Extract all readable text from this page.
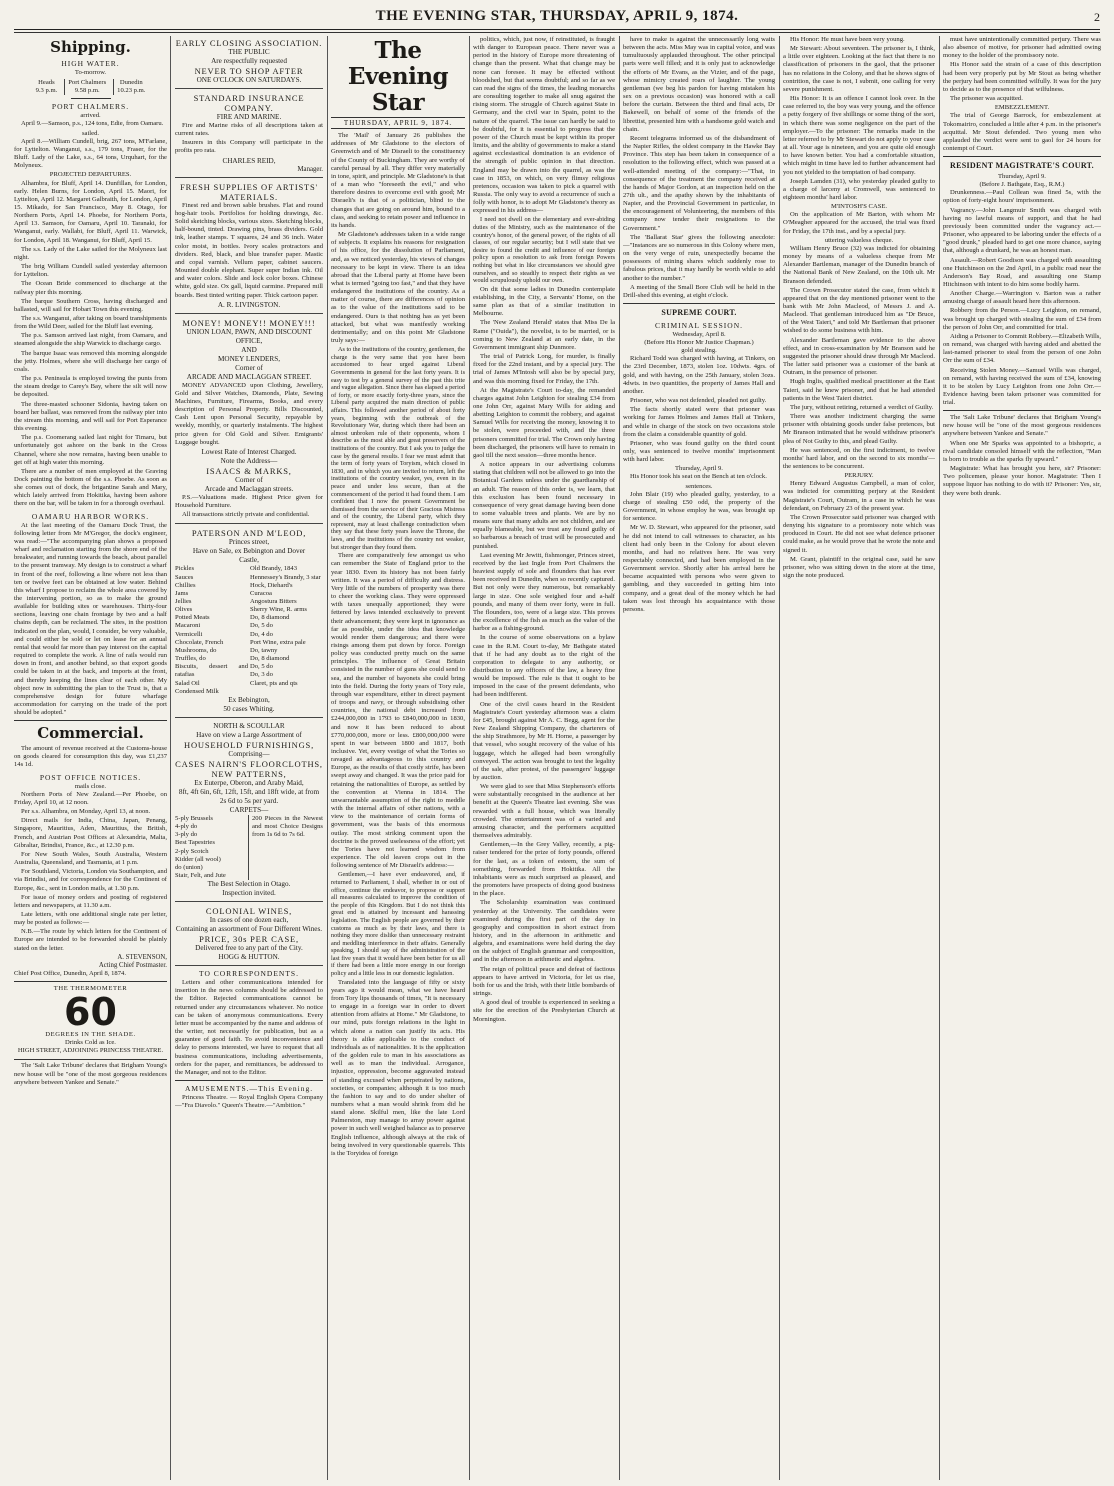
THE EVENING STAR, THURSDAY, APRIL 9, 1874.	2
Shipping.
HIGH WATER.
To-morrow.
Heads
9.3 p.m.
Port Chalmers
9.58 p.m.
Dunedin
10.23 p.m.
PORT CHALMERS.
arrived.
April 9.—Samson, p.s., 124 tons, Edie, from Oamaru.
sailed.
April 8.—William Cundell, brig, 267 tons, M'Farlane, for Lyttelton. Wanganui, s.s., 179 tons, Fraser, for the Bluff. Lady of the Lake, s.s., 64 tons, Urquhart, for the Molyneux.
PROJECTED DEPARTURES.
Alhambra, for Bluff, April 14. Dunfillan, for London, early. Helen Burns, for London, April 15. Maori, for Lyttelton, April 12. Margaret Galbraith, for London, April 15. Mikado, for San Francisco, May 8. Otago, for Northern Ports, April 14. Phoebe, for Northern Ports, April 13. Samson, for Oamaru, April 10. Taranaki, for Wanganui, early. Wallabi, for Bluff, April 11. Warwick, for London, April 18. Wanganui, for Bluff, April 15.
The s.s. Lady of the Lake sailed for the Molyneux last night.
The brig William Cundell sailed yesterday afternoon for Lyttelton.
The Ocean Bride commenced to discharge at the railway pier this morning.
The barque Southern Cross, having discharged and ballasted, will sail for Hobart Town this evening.
The s.s. Wanganui, after taking on board transhipments from the Wild Deer, sailed for the Bluff last evening.
The p.s. Samson arrived last night, from Oamaru, and steamed alongside the ship Warwick to discharge cargo.
The barque Isaac was removed this morning alongside the jetty. Holmes, where she will discharge her cargo of coals.
The p.s. Peninsula is employed towing the punts from the steam dredge to Carey's Bay, where the silt will now be deposited.
The three-masted schooner Sidonia, having taken on board her ballast, was removed from the railway pier into the stream this morning, and will sail for Port Esperance this evening.
The p.s. Coomerang sailed last night for Timaru, but unfortunately got ashore on the bank in the Cross Channel, where she now remains, having been unable to get off at high water this morning.
There are a number of men employed at the Graving Dock painting the bottom of the s.s. Phoebe. As soon as she comes out of dock, the brigantine Sarah and Mary, which lately arrived from Hokitika, having been ashore there on the bar, will be taken in for a thorough overhaul.
OAMARU HARBOR WORKS.
At the last meeting of the Oamaru Dock Trust, the following letter from Mr M'Gregor, the dock's engineer, was read:—"The accompanying plan shows a proposed wharf and reclamation starting from the shore end of the breakwater, and running towards the beach, about parallel to the present tramway. My design is to construct a wharf in front of the reef, following a line where not less than ten or twelve feet can be obtained at low water. Behind this wharf I propose to reclaim the whole area covered by the intervening portion, so as to make the ground available for building sites or warehouses. Thirty-four sections, leaving one chain frontage by two and a half chains depth, can be reclaimed. The sites, in the position indicated on the plan, would, I consider, be very valuable, and could either be sold or let on lease for an annual rental that would far more than pay interest on the capital required to complete the work. A line of rails would run down in front, and another behind, so that export goods could be taken in at the back, and imports at the front, and thereby keeping the lines clear of each other. My object now in submitting the plan to the Trust is, that a comprehensive design for future wharfage accommodation for carrying on the trade of the port should be adopted."
Commercial.
The amount of revenue received at the Customs-house on goods cleared for consumption this day, was £1,237 14s 1d.
POST OFFICE NOTICES.
mails close.
Northern Ports of New Zealand.—Per Phoebe, on Friday, April 10, at 12 noon.
Per s.s. Alhambra, on Monday, April 13, at noon.
Direct mails for India, China, Japan, Penang, Singapore, Mauritius, Aden, Mauritius, the British, French, and Austrian Post Offices at Alexandria, Malta, Gibraltar, Brindisi, France, &c., at 12.30 p.m.
For New South Wales, South Australia, Western Australia, Queensland, and Tasmania, at 1 p.m.
For Southland, Victoria, London via Southampton, and via Brindisi, and for correspondence for the Continent of Europe, &c., sent in London mails, at 1.30 p.m.
For issue of money orders and posting of registered letters and newspapers, at 11.30 a.m.
Late letters, with one additional single rate per letter, may be posted as follows:—
N.B.—The route by which letters for the Continent of Europe are intended to be forwarded should be plainly stated on the letter.
A. STEVENSON,
Acting Chief Postmaster.
Chief Post Office, Dunedin, April 8, 1874.
THE THERMOMETER
60
DEGREES IN THE SHADE.
Drinks Cold as Ice.
HIGH STREET, ADJOINING PRINCESS THEATRE.
The 'Salt Lake Tribune' declares that Brigham Young's new house will be "one of the most gorgeous residences anywhere between Yankee and Senate."
EARLY CLOSING ASSOCIATION.
THE PUBLIC
Are respectfully requested
NEVER TO SHOP AFTER
ONE O'CLOCK ON SATURDAYS.
STANDARD INSURANCE COMPANY.
FIRE AND MARINE.
Fire and Marine risks of all descriptions taken at current rates.
Insurers in this Company will participate in the profits pro rata.
CHARLES REID,
Manager.
FRESH SUPPLIES OF ARTISTS' MATERIALS.
Finest red and brown sable brushes. Flat and round hog-hair tools. Portfolios for holding drawings, &c. Solid sketching blocks, various sizes. Sketching blocks, half-bound, tinted. Drawing pins, brass dividers. Gold ink, leather stamps. T squares, 24 and 36 inch. Water color moist, in bottles. Ivory scales protractors and dividers. Red, black, and blue transfer paper. Mastic and copal varnish. Vellum paper, cabinet saucers. Mounted double elephant. Super super Indian ink. Oil and water colors. Slide and lock color boxes. Chinese white, gold size. Ox gall, liquid carmine. Prepared mill boards. Best tinted writing paper. Thick cartoon paper.
A. R. LIVINGSTON.
MONEY! MONEY!! MONEY!!!
UNION LOAN, PAWN, AND DISCOUNT OFFICE,
AND
MONEY LENDERS,
Corner of
ARCADE AND MACLAGGAN STREET.
MONEY ADVANCED upon Clothing, Jewellery, Gold and Silver Watches, Diamonds, Plate, Sewing Machines, Furniture, Firearms, Books, and every description of Personal Property. Bills Discounted, Cash Lent upon Personal Security, repayable by weekly, monthly, or quarterly instalments. The highest price given for Old Gold and Silver. Emigrants' Luggage bought.
Lowest Rate of Interest Charged.
Note the Address—
ISAACS & MARKS,
Corner of
Arcade and Maclaggan streets.
P.S.—Valuations made. Highest Price given for Household Furniture.
All transactions strictly private and confidential.
PATERSON AND M'LEOD,
Princes street,
Have on Sale, ex Bebington and Dover
Castle,
Pickles
Sauces
Chillies
Jams
Jellies
Olives
Potted Meats
Macaroni
Vermicelli
Chocolate, French
Mushrooms, do
Truffles, do
Biscuits, dessert and ratafias
Salad Oil
Condensed Milk
Old Brandy, 1843
Hennessey's Brandy, 3 star
Hock, Diehard's
Curacoa
Angostura Bitters
Sherry Wine, R. arms
Do, 8 diamond
Do, 5 do
Do, 4 do
Port Wine, extra pale
Do, tawny
Do, 8 diamond
Do, 5 do
Do, 3 do
Claret, pts and qts
Ex Bebington,
50 cases Whiting.
NORTH & SCOULLAR
Have on view a Large Assortment of
HOUSEHOLD FURNISHINGS,
Comprising—
CASES NAIRN'S FLOORCLOTHS, NEW PATTERNS,
Ex Euterpe, Oberon, and Araby Maid,
8ft, 4ft 6in, 6ft, 12ft, 15ft, and 18ft wide, at from 2s 6d to 5s per yard.
CARPETS—
5-ply Brussels
4-ply do
3-ply do
Best Tapestries
2-ply Scotch
Kidder (all wool)
do (union)
Stair, Felt, and Jute
200 Pieces in the Newest and most Choice Designs from 1s 6d to 7s 6d.
The Best Selection in Otago.
Inspection invited.
COLONIAL WINES,
In cases of one dozen each,
Containing an assortment of Four Different Wines.
PRICE, 30s PER CASE,
Delivered free to any part of the City.
HOGG & HUTTON.
TO CORRESPONDENTS.
Letters and other communications intended for insertion in the news columns should be addressed to the Editor. Rejected communications cannot be returned under any circumstances whatever. No notice can be taken of anonymous communications. Every letter must be accompanied by the name and address of the writer, not necessarily for publication, but as a guarantee of good faith. To avoid inconvenience and delay to persons interested, we have to request that all business communications, including advertisements, orders for the paper, and remittances, be addressed to the Manager, and not to the Editor.
AMUSEMENTS.—This Evening.
Princess Theatre. — Royal English Opera Company—"Fra Diavolo." Queen's Theatre.—"Ambition."
The Evening Star
THURSDAY, APRIL 9, 1874.
The 'Mail' of January 26 publishes the addresses of Mr Gladstone to the electors of Greenwich and of Mr Disraeli to the constituency of the County of Buckingham. They are worthy of careful perusal by all. They differ very materially in tone, spirit, and principle. Mr Gladstone's is that of a man who "foreseeth the evil," and who therefore desires to overcome evil with good; Mr Disraeli's is that of a politician, blind to the changes that are going on around him, bound to a class, and seeking to retain power and influence in its hands.
Mr Gladstone's addresses taken in a wide range of subjects. It explains his reasons for resignation of his office, for the dissolution of Parliament, and, as we noticed yesterday, his views of changes necessary to be kept in view. There is an idea abroad that the Liberal party at Home have been what is termed "going too fast," and that they have endangered the institutions of the country. As a matter of course, there are differences of opinion as to the value of the institutions said to be endangered. Ours is that nothing has as yet been attacked, but what was manifestly working detrimentally; and on this point Mr Gladstone truly says:—
As to the institutions of the country, gentlemen, the charge is the very same that you have been accustomed to hear urged against Liberal Governments in general for the last forty years. It is easy to test by a general survey of the past this trite and vague allegation. Since there has elapsed a period of forty, or more exactly forty-three years, since the Liberal party acquired the main direction of public affairs. This followed another period of about forty years, beginning with the outbreak of the Revolutionary War, during which there had been an almost unbroken rule of their opponents, whom I describe as the most able and great preservers of the institutions of the country. But I ask you to judge the case by the general results. I fear we must admit that the term of forty years of Toryism, which closed in 1830, and in which you are invited to return, left the institutions of the country weaker, yes, even in its peace and under less secure, than at the commencement of the period it had found them. I am confident that I now the present Government be dismissed from the service of their Gracious Mistress and of the country, the Liberal party, which they represent, may at least challenge contradiction when they say that these forty years leave the Throne, the laws, and the institutions of the country not weaker, but stronger than they found them.
There are comparatively few amongst us who can remember the State of England prior to the year 1830. Even its history has not been fairly written. It was a period of difficulty and distress. Very little of the numbers of prosperity was there to cheer the working class. They were oppressed with taxes unequally apportioned; they were fettered by laws intended exclusively to prevent their advancement; they were kept in ignorance as far as possible, under the idea that knowledge would render them dangerous; and there were risings among them put down by force. Foreign policy was conducted pretty much on the same principles. The influence of Great Britain consisted in the number of guns she could send to sea, and the number of bayonets she could bring into the field. During the forty years of Tory rule, through war expenditure, either in direct payment of troops and navy, or through subsidising other countries, the national debt increased from £244,000,000 in 1793 to £840,000,000 in 1830, and now it has been reduced to about £770,000,000, more or less. £800,000,000 were spent in war between 1800 and 1817, both inclusive. Yet, every vestige of what the Tories so ravaged as advantageous to this country and Europe, as the results of that costly strife, has been swept away and changed. It was the price paid for retaining the nationalities of Europe, as settled by the convention at Vienna in 1814. The unwarrantable assumption of the right to meddle with the internal affairs of other nations, with a view to the maintenance of certain forms of government, was the basis of this enormous outlay. The most striking comment upon the doctrine is the proved uselessness of the effort; yet the Tories have not learned wisdom from experience. The old leaven crops out in the following sentence of Mr Disraeli's address:—
Gentlemen,—I have ever endeavored, and, if returned to Parliament, I shall, whether in or out of office, continue the endeavor, to propose or support all measures calculated to improve the condition of the people of this Kingdom. But I do not think this great end is attained by incessant and harassing legislation. The English people are governed by their customs as much as by their laws, and there is nothing they more dislike than unnecessary restraint and meddling interference in their affairs. Generally speaking, I should say of the administration of the last five years that it would have been better for us all if there had been a little more energy in our foreign policy and a little less in our domestic legislation.
Translated into the language of fifty or sixty years ago it would mean, what we have heard from Tory lips thousands of times, "It is necessary to engage in a foreign war in order to divert attention from affairs at Home." Mr Gladstone, to our mind, puts foreign relations in the light in which alone a nation can justify its acts. His theory is alike applicable to the conduct of individuals as of nationalities. It is the application of the golden rule to man in his associations as well as to man the individual. Arrogance, injustice, oppression, become aggravated instead of standing excused when perpetrated by nations, societies, or companies; although it is too much the fashion to say and to do under shelter of numbers what a man would shrink from did he stand alone. Skilful men, like the late Lord Palmerston, may manage to array power against power in such well weighed balance as to preserve English influence, although always at the risk of being involved in very questionable quarrels. This is the Toryidea of foreign
politics, which, just now, if reinstituted, is fraught with danger to European peace. There never was a period in the history of Europe more threatening of change than the present. What that change may be none can foresee. It may be effected without bloodshed, but that seems doubtful; and so far as we can read the signs of the times, the leading monarchs are consulting together to make all snug against the rising storm. The struggle of Church against State in Germany, and the civil war in Spain, point to the nature of the quarrel. The issue can hardly be said to be doubtful, for it is essential to progress that the power of the Church must be kept within its proper limits, and the ability of governments to make a stand against ecclesiastical domination is an evidence of the strength of public opinion in that direction. England may be drawn into the quarrel, as was the case in 1853, on which, on very flimsy religious pretences, occasion was taken to pick a quarrel with Russia. The only way to avoid a recurrence of such a folly with honor, is to adopt Mr Gladstone's theory as expressed in his address—
I need not dwell on the elementary and ever-abiding duties of the Ministry, such as the maintenance of the country's honor, of the general power, of the rights of all classes, of our regular security; but I will state that we desire to found the credit and influence of our foreign policy upon a resolution to ask from foreign Powers nothing but what in like circumstances we should give ourselves, and so steadily to respect their rights as we would scrupulously uphold our own.
On dit that some ladies in Dunedin contemplate establishing, in the City, a Servants' Home, on the same plan as that of a similar institution in Melbourne.
The 'New Zealand Herald' states that Miss De la Rame ("Ouida"), the novelist, is to be married, or is coming to New Zealand at an early date, in the Government immigrant ship Dunmore.
The trial of Patrick Long, for murder, is finally fixed for the 22nd instant, and by a special jury. The trial of James M'Intosh will also be by special jury, and was this morning fixed for Friday, the 17th.
At the Magistrate's Court to-day, the remanded charges against John Leighton for stealing £34 from one John Orr, against Mary Wills for aiding and abetting Leighton to commit the robbery, and against Samuel Wills for receiving the money, knowing it to be stolen, were proceeded with, and the three prisoners committed for trial. The Crown only having been discharged, the prisoners will have to remain in gaol till the next session—three months hence.
A notice appears in our advertising columns stating that children will not be allowed to go into the Botanical Gardens unless under the guardianship of an adult. The reason of this order is, we learn, that this exclusion has been found necessary in consequence of very great damage having been done to some valuable trees and plants. We are by no means sure that many adults are not children, and are equally blameable, but we trust any found guilty of so barbarous a breach of trust will be prosecuted and punished.
Last evening Mr Jewitt, fishmonger, Princes street, received by the last Ingle from Port Chalmers the heaviest supply of sole and flounders that has ever been received in Dunedin, when so recently captured. But not only were they numerous, but remarkably large in size. One sole weighed four and a-half pounds, and many of them over forty, were in full. The flounders, too, were of a large size. This proves the excellence of the fish as much as the value of the harbor as a fishing-ground.
In the course of some observations on a bylaw case in the R.M. Court to-day, Mr Bathgate stated that if he had any doubt as to the right of the corporation to delegate to any authority, or distribution to any officers of the law, a heavy fine would be imposed. The rule is that it ought to be imposed in the case of the present defendants, who had been indifferent.
One of the civil cases heard in the Resident Magistrate's Court yesterday afternoon was a claim for £45, brought against Mr A. C. Begg, agent for the New Zealand Shipping Company, the charterers of the ship Strathmore, by Mr H. Horne, a passenger by that vessel, who sought recovery of the value of his luggage, which he alleged had been wrongfully conveyed. The action was brought to test the legality of the sale, after protest, of the passengers' luggage by auction.
We were glad to see that Miss Stephenson's efforts were substantially recognised in the audience at her benefit at the Queen's Theatre last evening. She was rewarded with a full house, which was literally crowded. The entertainment was of a varied and amusing character, and the performers acquitted themselves admirably.
Gentlemen,—In the Grey Valley, recently, a pig-raiser tendered for the prize of forty pounds, offered for the last, as a token of esteem, the sum of something, forwarded from Hokitika. All the inhabitants were as much surprised as pleased, and the promoters have prospects of doing good business in the place.
The Scholarship examination was continued yesterday at the University. The candidates were examined during the first part of the day in geography and composition in short extract from history, and in the afternoon in arithmetic and algebra, and examinations were held during the day on the subject of English grammar and composition, and in the afternoon in arithmetic and algebra.
The reign of political peace and defeat of factious appears to have arrived in Victoria, for let us rise, both for us and the Irish, with their little bombards of strings.
A good deal of trouble is experienced in seeking a site for the erection of the Presbyterian Church at Mornington.
have to make is against the unnecessarily long waits between the acts. Miss May was in capital voice, and was tumultuously applauded throughout. The other principal parts were well filled; and it is only just to acknowledge the efforts of Mr Evans, as the Vizier, and of the page, whose mimicry created roars of laughter. The young gentleman (we beg his pardon for having mistaken his sex on a previous occasion) was honored with a call before the curtain. Between the third and final acts, Dr Bakewell, on behalf of some of the friends of the librettist, presented him with a handsome gold watch and chain.
Recent telegrams informed us of the disbandment of the Napier Rifles, the oldest company in the Hawke Bay Province. This step has been taken in consequence of a resolution to the following effect, which was passed at a well-attended meeting of the company:—"That, in consequence of the treatment the company received at the hands of Major Gordon, at an inspection held on the 27th ult., and the apathy shown by the inhabitants of Napier, and the Provincial Government in particular, in the encouragement of Volunteering, the members of this company now tender their resignations to the Government."
The 'Ballarat Star' gives the following anecdote:—"Instances are so numerous in this Colony where men, on the very verge of ruin, unexpectedly became the possessors of mining shares which suddenly rose to fabulous prices, that it may hardly be worth while to add another to the number."
A meeting of the Small Bore Club will be held in the Drill-shed this evening, at eight o'clock.
SUPREME COURT.
CRIMINAL SESSION.
Wednesday, April 8.
(Before His Honor Mr Justice Chapman.)
gold stealing.
Richard Todd was charged with having, at Tinkers, on the 23rd December, 1873, stolen 1oz. 10dwts. 4grs. of gold, and with having, on the 25th January, stolen 3ozs. 4dwts. in two quantities, the property of James Hall and another.
Prisoner, who was not defended, pleaded not guilty.
The facts shortly stated were that prisoner was working for James Holmes and James Hall at Tinkers, and while in charge of the stock on two occasions stole from the claim a considerable quantity of gold.
Prisoner, who was found guilty on the third count only, was sentenced to twelve months' imprisonment with hard labor.
Thursday, April 9.
His Honor took his seat on the Bench at ten o'clock.
sentences.
John Blair (19) who pleaded guilty, yesterday, to a charge of stealing £50 odd, the property of the Government, in whose employ he was, was brought up for sentence.
Mr W. D. Stewart, who appeared for the prisoner, said he did not intend to call witnesses to character, as his client had only been in the Colony for about eleven months, and had no relatives here. He was very respectably connected, and had been employed in the Government service. Shortly after his arrival here he became acquainted with persons who were given to gambling, and they succeeded in getting him into company, and a great deal of the money which he had taken was lost through his acquaintance with those persons.
His Honor: He must have been very young.
Mr Stewart: About seventeen. The prisoner is, I think, a little over eighteen. Looking at the fact that there is no classification of prisoners in the gaol, that the prisoner has no relations in the Colony, and that he shows signs of contrition, the case is not, I submit, one calling for very severe punishment.
His Honor: It is an offence I cannot look over. In the case referred to, the boy was very young, and the offence a petty forgery of five shillings or some thing of the sort, in which there was some negligence on the part of the employer.—To the prisoner: The remarks made in the letter referred to by Mr Stewart do not apply to your case at all. Your age is nineteen, and you are quite old enough to have known better. You had a comfortable situation, which might in time have led to further advancement had you not yielded to the temptation of bad company.
Joseph Lamden (31), who yesterday pleaded guilty to a charge of larceny at Cromwell, was sentenced to eighteen months' hard labor.
M'INTOSH'S CASE.
On the application of Mr Barton, with whom Mr O'Meagher appeared for the accused, the trial was fixed for Friday, the 17th inst., and by a special jury.
uttering valueless cheque.
William Henry Bruce (32) was indicted for obtaining money by means of a valueless cheque from Mr Alexander Bartleman, manager of the Dunedin branch of the National Bank of New Zealand, on the 10th ult. Mr Branson defended.
The Crown Prosecutor stated the case, from which it appeared that on the day mentioned prisoner went to the bank with Mr John Macleod, of Messrs J. and A. Macleod. That gentleman introduced him as "Dr Bruce, of the West Taieri," and told Mr Bartleman that prisoner wished to do some business with him.
Alexander Bartleman gave evidence to the above effect, and in cross-examination by Mr Branson said he suggested the prisoner should draw through Mr Macleod. The latter said prisoner was a customer of the bank at Outram, in the presence of prisoner.
Hugh Inglis, qualified medical practitioner at the East Taieri, said he knew prisoner, and that he had attended patients in the West Taieri district.
The jury, without retiring, returned a verdict of Guilty.
There was another indictment charging the same prisoner with obtaining goods under false pretences, but Mr Branson intimated that he would withdraw prisoner's plea of Not Guilty to this, and plead Guilty.
He was sentenced, on the first indictment, to twelve months' hard labor, and on the second to six months'—the sentences to be concurrent.
PERJURY.
Henry Edward Augustus Campbell, a man of color, was indicted for committing perjury at the Resident Magistrate's Court, Outram, in a case in which he was defendant, on February 23 of the present year.
The Crown Prosecutor said prisoner was charged with denying his signature to a promissory note which was produced in Court. He did not see what defence prisoner could make, as he would prove that he wrote the note and signed it.
M. Grant, plaintiff in the original case, said he saw prisoner, who was sitting down in the store at the time, sign the note produced.
must have unintentionally committed perjury. There was also absence of motive, for prisoner had admitted owing money to the holder of the promissory note.
His Honor said the strain of a case of this description had been very properly put by Mr Stout as being whether the perjury had been committed wilfully. It was for the jury to decide as to the presence of that wilfulness.
The prisoner was acquitted.
EMBEZZLEMENT.
The trial of George Barrock, for embezzlement at Tokomairiro, concluded a little after 4 p.m. in the prisoner's acquittal. Mr Stout defended. Two young men who applauded the verdict were sent to gaol for 24 hours for contempt of Court.
RESIDENT MAGISTRATE'S COURT.
Thursday, April 9.
(Before J. Bathgate, Esq., R.M.)
Drunkenness.—Paul Collean was fined 5s, with the option of forty-eight hours' imprisonment.
Vagrancy.—John Langmuir Smith was charged with having no lawful means of support, and that he had previously been committed under the vagrancy act.—Prisoner, who appeared to be laboring under the effects of a "good drunk," pleaded hard to get one more chance, saying that, although a drunkard, he was an honest man.
Assault.—Robert Goodison was charged with assaulting one Hutchinson on the 2nd April, in a public road near the Anderson's Bay Road, and assaulting one Stamp Hitchinson with intent to do him some bodily harm.
Another Charge.—Warrington v. Barton was a rather amusing charge of assault heard here this afternoon.
Robbery from the Person.—Lucy Leighton, on remand, was brought up charged with stealing the sum of £34 from the person of John Orr, and committed for trial.
Aiding a Prisoner to Commit Robbery.—Elizabeth Wills, on remand, was charged with having aided and abetted the last-named prisoner to steal from the person of one John Orr the sum of £34.
Receiving Stolen Money.—Samuel Wills was charged, on remand, with having received the sum of £34, knowing it to be stolen by Lucy Leighton from one John Orr.—Evidence having been taken prisoner was committed for trial.
The 'Salt Lake Tribune' declares that Brigham Young's new house will be "one of the most gorgeous residences anywhere between Yankee and Senate."
When one Mr Sparks was appointed to a bishopric, a rival candidate consoled himself with the reflection, "Man is born to trouble as the sparks fly upward."
Magistrate: What has brought you here, sir? Prisoner: Two policemen, please your honor. Magistrate: Then I suppose liquor has nothing to do with it? Prisoner: Yes, sir, they were both drunk.
